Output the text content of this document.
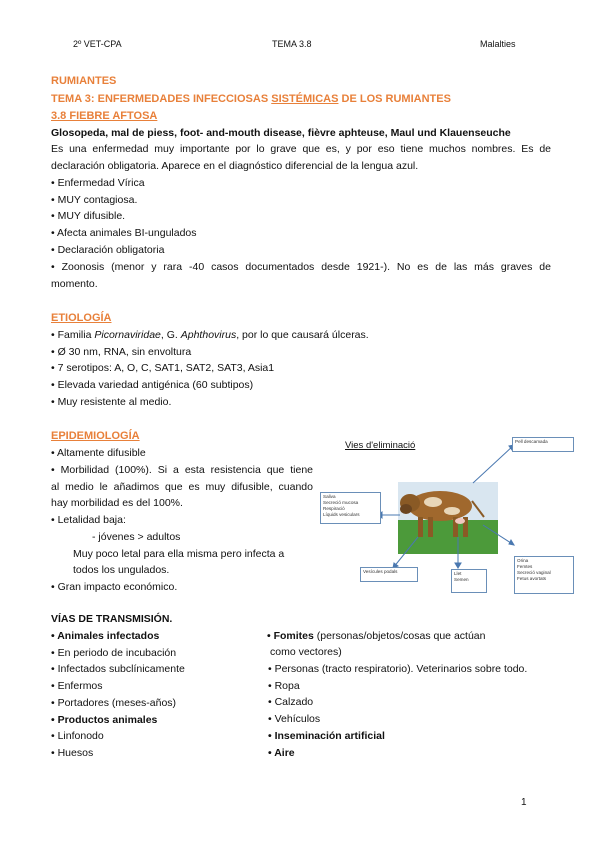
2º VET-CPA	TEMA 3.8	Malalties
RUMIANTES
TEMA 3: ENFERMEDADES INFECCIOSAS SISTÉMICAS DE LOS RUMIANTES
3.8 FIEBRE AFTOSA
Glosopeda, mal de piess, foot- and-mouth disease, fièvre aphteuse, Maul und Klauenseuche
Es una enfermedad muy importante por lo grave que es, y por eso tiene muchos nombres. Es de
declaración obligatoria. Aparece en el diagnóstico diferencial de la lengua azul.
• Enfermedad Vírica
• MUY contagiosa.
• MUY difusible.
• Afecta animales BI-ungulados
• Declaración obligatoria
• Zoonosis (menor y rara -40 casos documentados desde 1921-). No es de las más graves de
momento.
ETIOLOGÍA
• Familia Picornaviridae, G. Aphthovirus, por lo que causará úlceras.
• Ø 30 nm, RNA, sin envoltura
• 7 serotipos: A, O, C, SAT1, SAT2, SAT3, Asia1
• Elevada variedad antigénica (60 subtipos)
• Muy resistente al medio.
EPIDEMIOLOGÍA
• Altamente difusible
• Morbilidad (100%). Si a esta resistencia que tiene
al medio le añadimos que es muy difusible, cuando
hay morbilidad es del 100%.
• Letalidad baja:
- jóvenes > adultos
Muy poco letal para ella misma pero infecta a
todos los ungulados.
• Gran impacto económico.
Vies d'eliminació	Pell descamada
Saliva
Secreció mucosa
Respiració
Líquids vesiculars
Vesícules podals	Llet
Semen
Orina
Femtes
Secreció vaginal
Fetus avortats
VÍAS DE TRANSMISIÓN.
• Animales infectados
• En periodo de incubación
• Infectados subclínicamente
• Enfermos
• Portadores (meses-años)
• Productos animales
• Linfonodo
• Huesos
• Fomites (personas/objetos/cosas que actúan
como vectores)
• Personas (tracto respiratorio). Veterinarios sobre todo.
• Ropa
• Calzado
• Vehículos
• Inseminación artificial
• Aire
1
